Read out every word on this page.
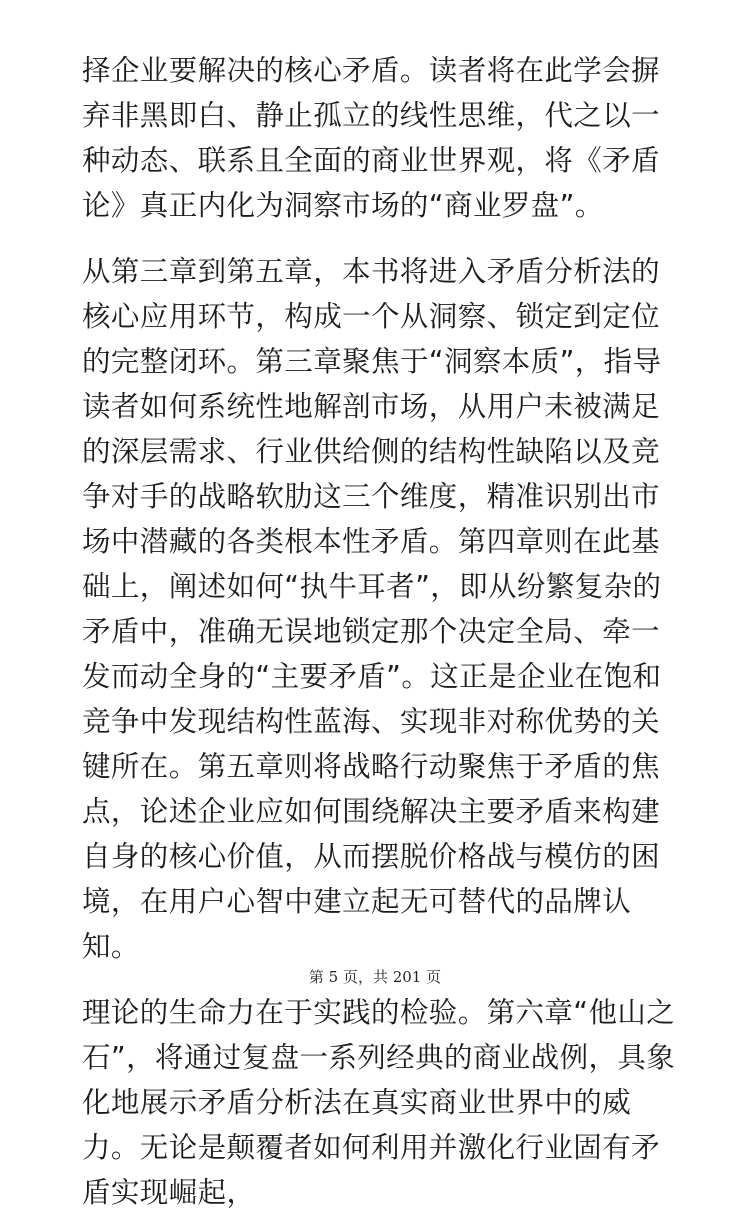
择企业要解决的核心矛盾。读者将在此学会摒弃非黑即白、静止孤立的线性思维，代之以一种动态、联系且全面的商业世界观，将《矛盾论》真正内化为洞察市场的“商业罗盘”。

从第三章到第五章，本书将进入矛盾分析法的核心应用环节，构成一个从洞察、锁定到定位的完整闭环。第三章聚焦于“洞察本质”，指导读者如何系统性地解剖市场，从用户未被满足的深层需求、行业供给侧的结构性缺陷以及竞争对手的战略软肋这三个维度，精准识别出市场中潜藏的各类根本性矛盾。第四章则在此基础上，阐述如何“执牛耳者”，即从纷繁复杂的矛盾中，准确无误地锁定那个决定全局、牵一发而动全身的“主要矛盾”。这正是企业在饱和竞争中发现结构性蓝海、实现非对称优势的关键所在。第五章则将战略行动聚焦于矛盾的焦点，论述企业应如何围绕解决主要矛盾来构建自身的核心价值，从而摆脱价格战与模仿的困境，在用户心智中建立起无可替代的品牌认知。

理论的生命力在于实践的检验。第六章“他山之石”，将通过复盘一系列经典的商业战例，具象化地展示矛盾分析法在真实商业世界中的威力。无论是颠覆者如何利用并激化行业固有矛盾实现崛起，

第 5 页，共 201 页
